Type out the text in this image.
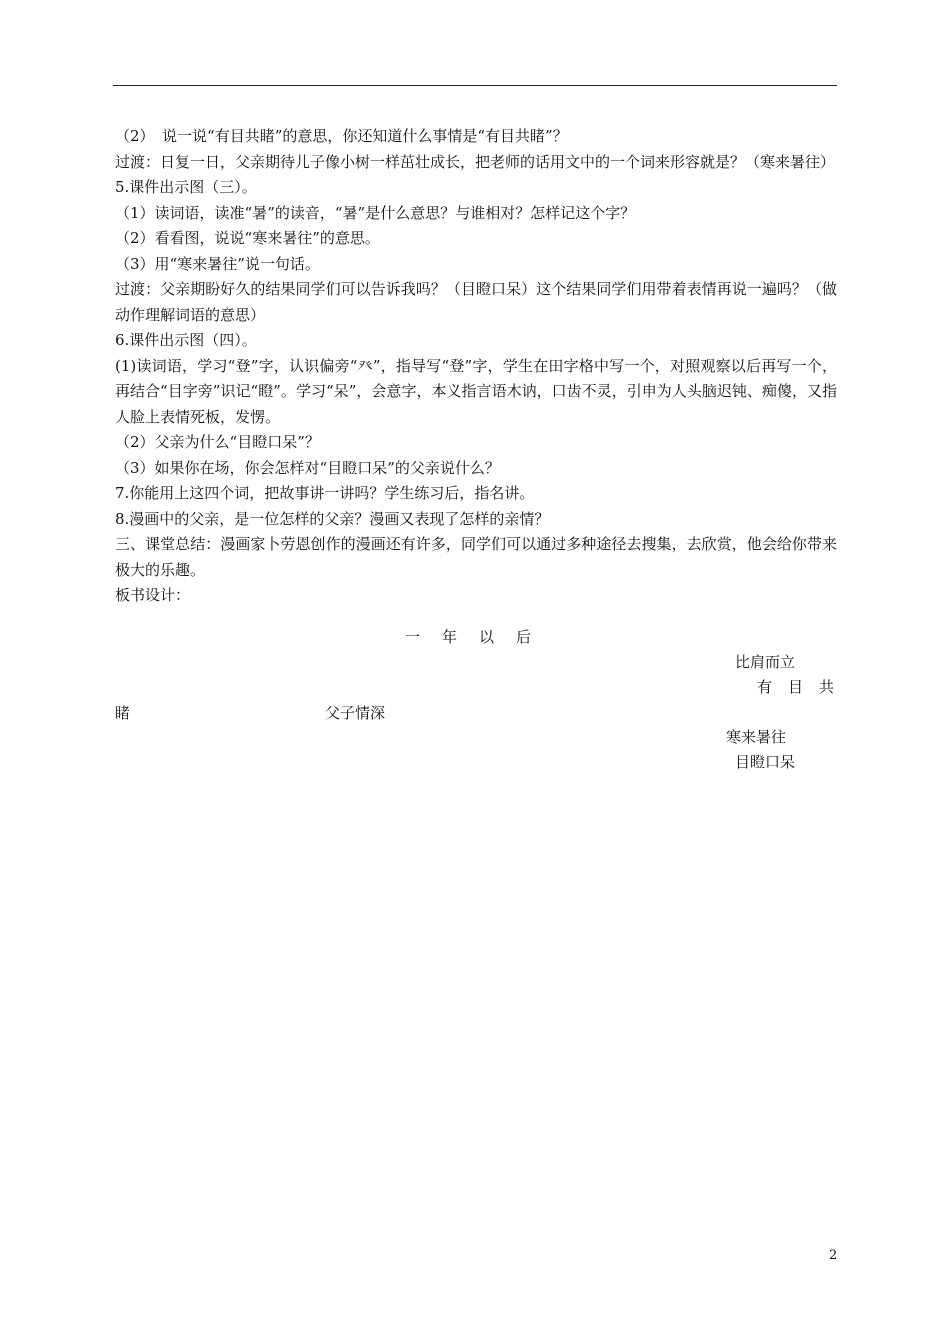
（2）　说一说“有目共睹”的意思，你还知道什么事情是“有目共睹”？
过渡：日复一日，父亲期待儿子像小树一样茁壮成长，把老师的话用文中的一个词来形容就是？（寒来暑往）
5.课件出示图（三）。
（1）读词语，读准“暑”的读音，“暑”是什么意思？与谁相对？怎样记这个字？
（2）看看图，说说“寒来暑往”的意思。
（3）用“寒来暑往”说一句话。
过渡：父亲期盼好久的结果同学们可以告诉我吗？（目瞪口呆）这个结果同学们用带着表情再说一遍吗？（做动作理解词语的意思）
6.课件出示图（四）。
(1)读词语，学习“登”字，认识偏旁“癶”，指导写“登”字，学生在田字格中写一个，对照观察以后再写一个，再结合“目字旁”识记“瞪”。学习“呆”，会意字，本义指言语木讷，口齿不灵，引申为人头脑迟钝、痴傻，又指人脸上表情死板，发愣。
（2）父亲为什么“目瞪口呆”？
（3）如果你在场，你会怎样对“目瞪口呆”的父亲说什么？
7.你能用上这四个词，把故事讲一讲吗？学生练习后，指名讲。
8.漫画中的父亲，是一位怎样的父亲？漫画又表现了怎样的亲情？
三、课堂总结：漫画家卜劳恩创作的漫画还有许多，同学们可以通过多种途径去搜集，去欣赏，他会给你带来极大的乐趣。
板书设计：
一年以后
比肩而立
有目共
睹	父子情深
寒来暑往
目瞪口呆
2
